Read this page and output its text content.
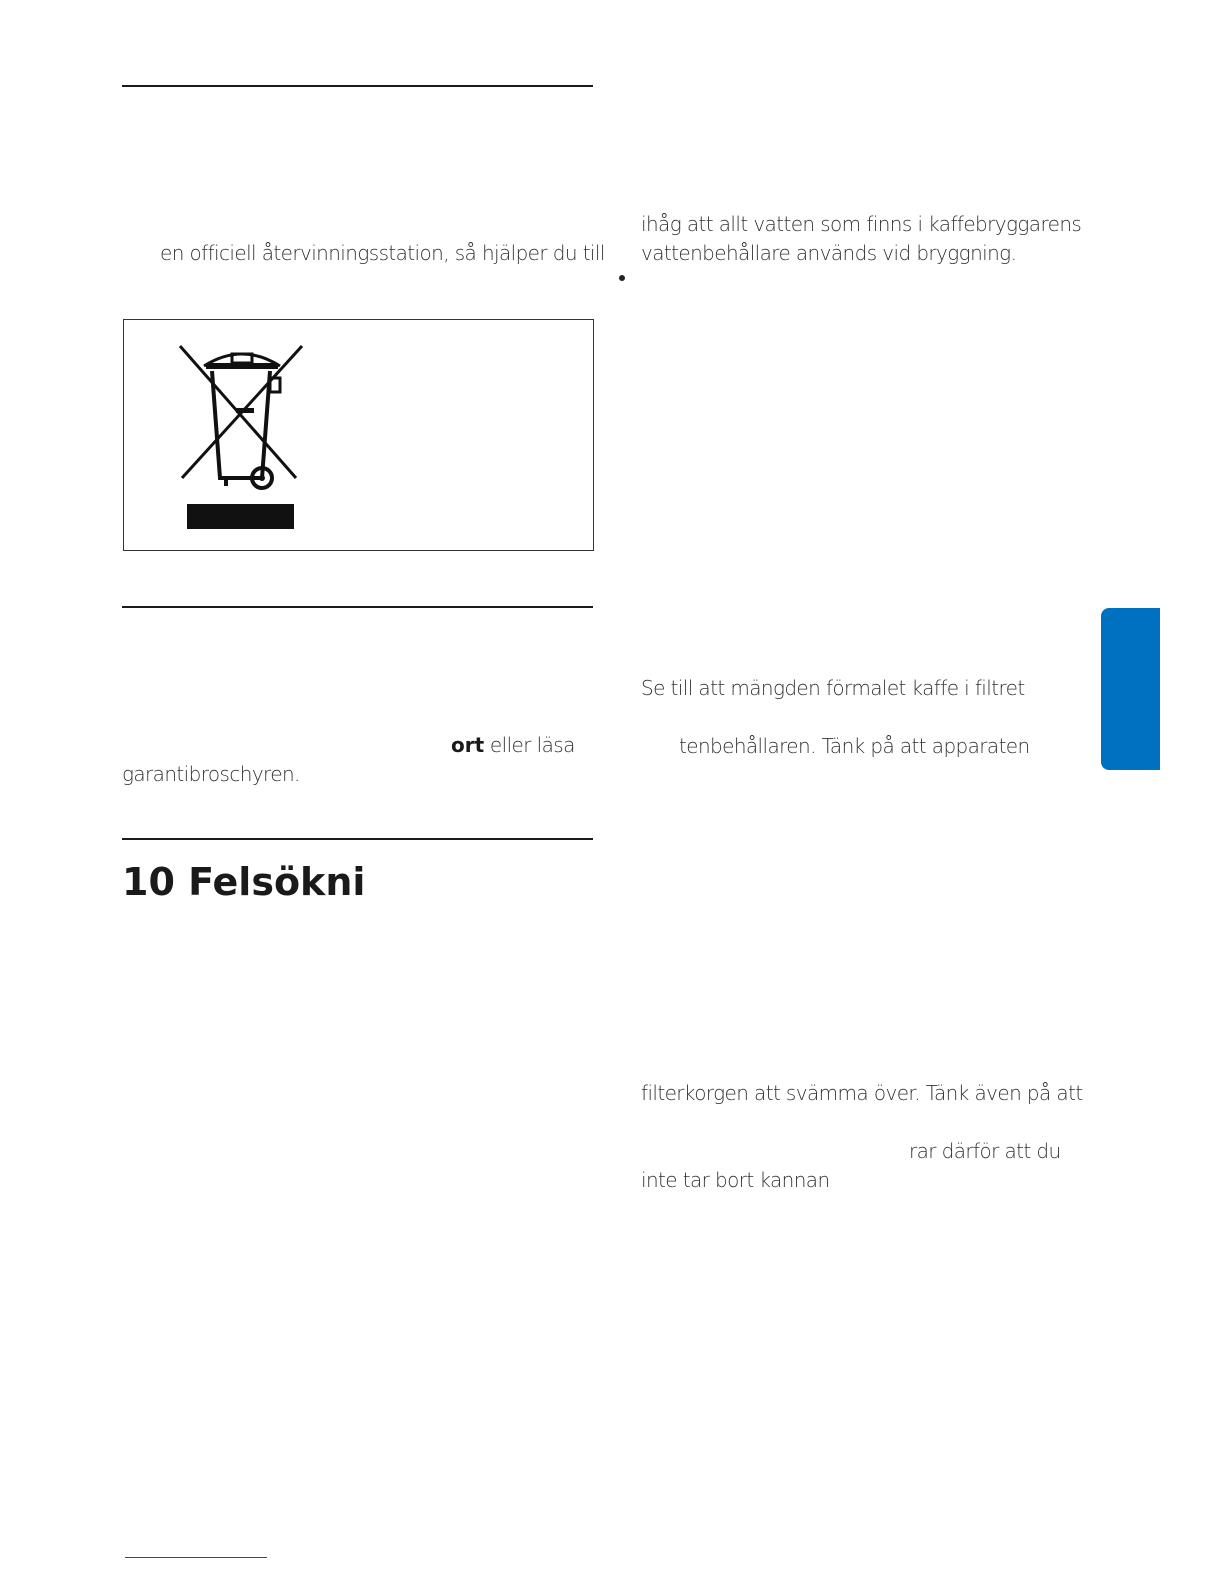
en officiell återvinningsstation, så hjälper du till
ort eller läsa
garantibroschyren.
10 Felsökni
ihåg att allt vatten som finns i kaffebryggarens
vattenbehållare används vid bryggning.
Se till att mängden förmalet kaffe i filtret
tenbehållaren. Tänk på att apparaten
filterkorgen att svämma över. Tänk även på att
rar därför att du
inte tar bort kannan
